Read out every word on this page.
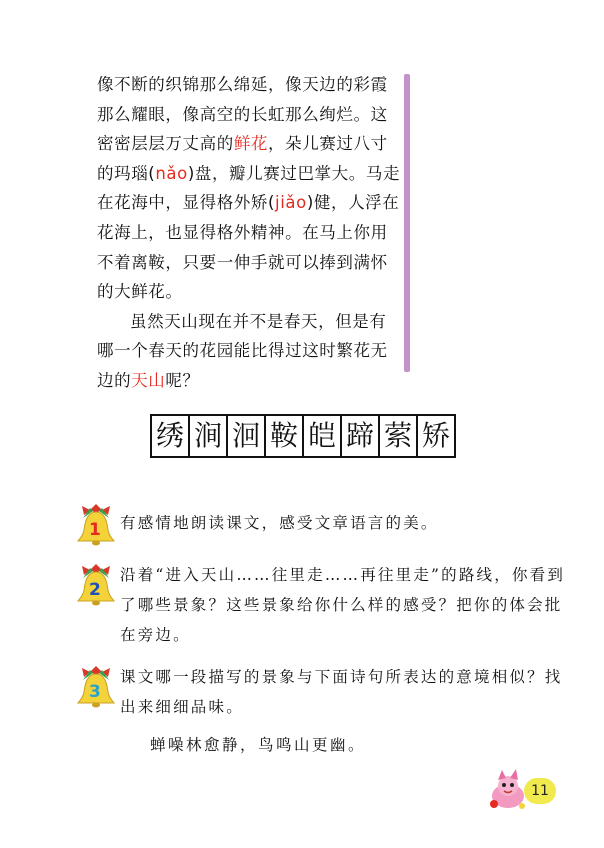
像不断的织锦那么绵延，像天边的彩霞那么耀眼，像高空的长虹那么绚烂。这密密层层万丈高的鲜花，朵儿赛过八寸的玛瑙(nǎo)盘，瓣儿赛过巴掌大。马走在花海中，显得格外矫(jiǎo)健，人浮在花海上，也显得格外精神。在马上你用不着离鞍，只要一伸手就可以捧到满怀的大鲜花。

虽然天山现在并不是春天，但是有哪一个春天的花园能比得过这时繁花无边的天山呢？

绣 涧 洄 鞍 皑 蹄 萦 矫
1 有感情地朗读课文，感受文章语言的美。
2
沿着“进入天山……往里走……再往里走”的路线，你看到了哪些景象？这些景象给你什么样的感受？把你的体会批在旁边。
3
课文哪一段描写的景象与下面诗句所表达的意境相似？找出来细细品味。
蝉噪林愈静，鸟鸣山更幽。
11
